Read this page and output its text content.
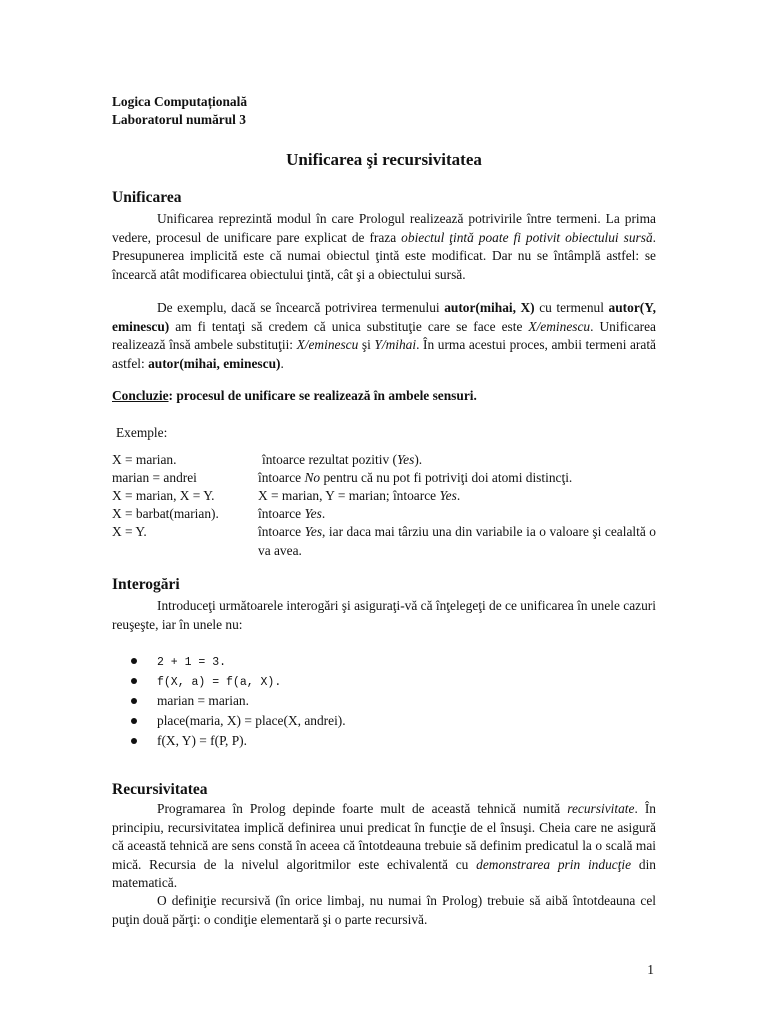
Logica Computațională
Laboratorul numărul 3
Unificarea şi recursivitatea
Unificarea

Unificarea reprezintă modul în care Prologul realizează potrivirile între termeni. La prima vedere, procesul de unificare pare explicat de fraza obiectul ţintă poate fi potivit obiectului sursă. Presupunerea implicită este că numai obiectul ţintă este modificat. Dar nu se întâmplă astfel: se încearcă atât modificarea obiectului ţintă, cât şi a obiectului sursă.

De exemplu, dacă se încearcă potrivirea termenului autor(mihai, X) cu termenul autor(Y, eminescu) am fi tentaţi să credem că unica substituţie care se face este X/eminescu. Unificarea realizează însă ambele substituţii: X/eminescu şi Y/mihai. În urma acestui proces, ambii termeni arată astfel: autor(mihai, eminescu).

Concluzie: procesul de unificare se realizează în ambele sensuri.

Exemple:
X = marian.	întoarce rezultat pozitiv (Yes).
marian = andrei	întoarce No pentru că nu pot fi potriviţi doi atomi distincţi.
X = marian, X = Y.	X = marian, Y = marian; întoarce Yes.
X = barbat(marian).	întoarce Yes.
X = Y.	întoarce Yes, iar daca mai târziu una din variabile ia o valoare şi cealaltă o va avea.
Interogări

Introduceţi următoarele interogări şi asiguraţi-vă că înţelegeţi de ce unificarea în unele cazuri reuşeşte, iar în unele nu:

2 + 1 = 3.
f(X, a) = f(a, X).
marian = marian.
place(maria, X) = place(X, andrei).
f(X, Y) = f(P, P).
Recursivitatea

Programarea în Prolog depinde foarte mult de această tehnică numită recursivitate. În principiu, recursivitatea implică definirea unui predicat în funcţie de el însuşi. Cheia care ne asigură că această tehnică are sens constă în aceea că întotdeauna trebuie să definim predicatul la o scală mai mică. Recursia de la nivelul algoritmilor este echivalentă cu demonstrarea prin inducţie din matematică.

O definiţie recursivă (în orice limbaj, nu numai în Prolog) trebuie să aibă întotdeauna cel puţin două părţi: o condiţie elementară şi o parte recursivă.

1
